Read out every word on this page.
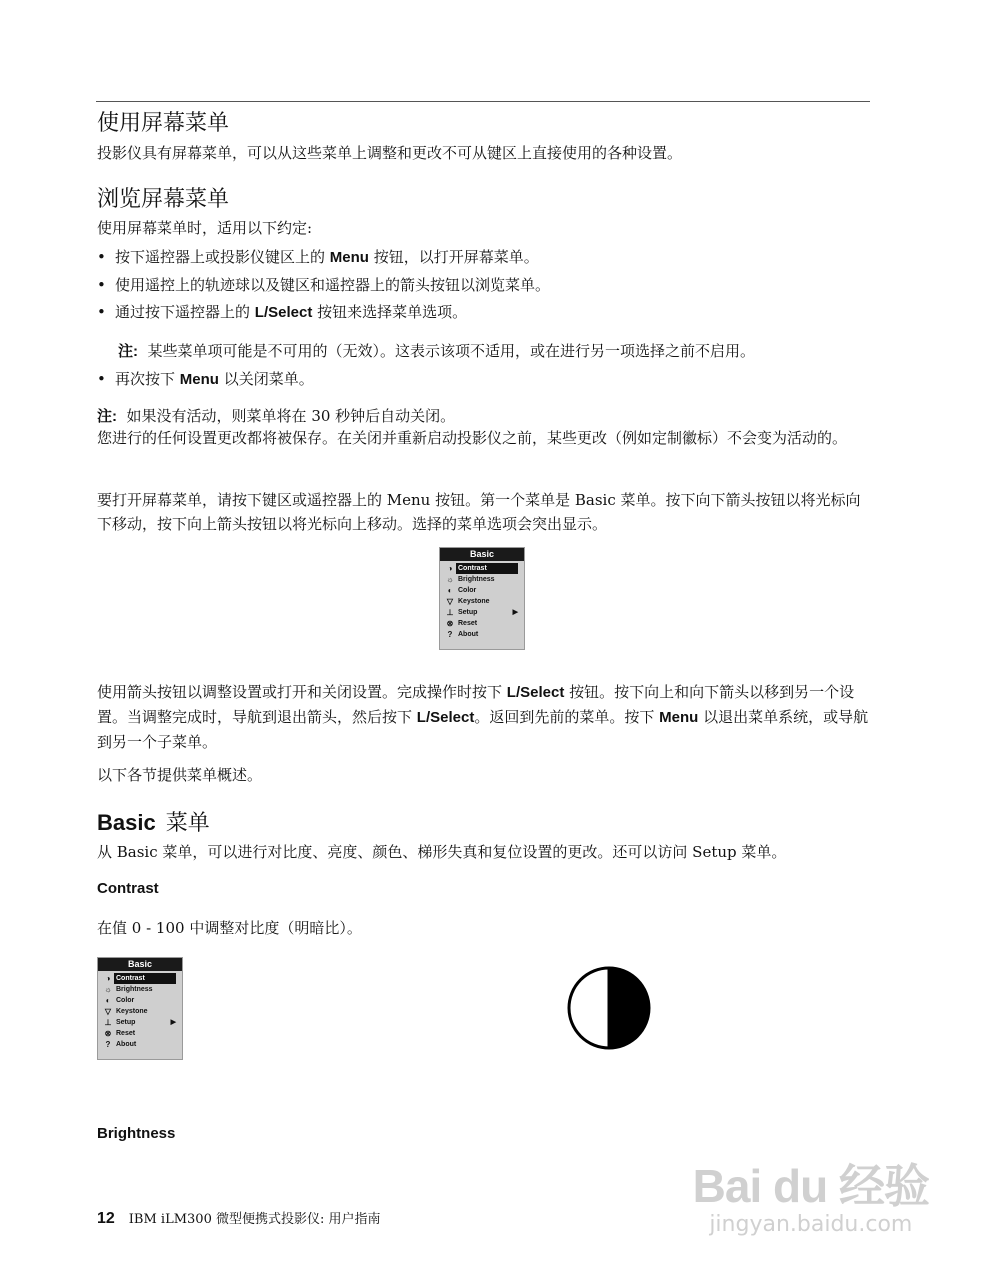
使用屏幕菜单
投影仪具有屏幕菜单，可以从这些菜单上调整和更改不可从键区上直接使用的各种设置。
浏览屏幕菜单
使用屏幕菜单时，适用以下约定:
• 按下遥控器上或投影仪键区上的 Menu 按钮，以打开屏幕菜单。
• 使用遥控上的轨迹球以及键区和遥控器上的箭头按钮以浏览菜单。
• 通过按下遥控器上的 L/Select 按钮来选择菜单选项。
注: 某些菜单项可能是不可用的（无效）。这表示该项不适用，或在进行另一项选择之前不启用。
• 再次按下 Menu 以关闭菜单。
注: 如果没有活动，则菜单将在 30 秒钟后自动关闭。
您进行的任何设置更改都将被保存。在关闭并重新启动投影仪之前，某些更改（例如定制徽标）不会变为活动的。
要打开屏幕菜单，请按下键区或遥控器上的 Menu 按钮。第一个菜单是 Basic 菜单。按下向下箭头按钮以将光标向下移动，按下向上箭头按钮以将光标向上移动。选择的菜单选项会突出显示。
Basic
◑ Contrast
☼ Brightness
◐ Color
▽ Keystone
⊥ Setup	▶
⊗ Reset
? About
使用箭头按钮以调整设置或打开和关闭设置。完成操作时按下 L/Select 按钮。按下向上和向下箭头以移到另一个设置。当调整完成时，导航到退出箭头，然后按下 L/Select。返回到先前的菜单。按下 Menu 以退出菜单系统，或导航到另一个子菜单。
以下各节提供菜单概述。
Basic 菜单
从 Basic 菜单，可以进行对比度、亮度、颜色、梯形失真和复位设置的更改。还可以访问 Setup 菜单。
Contrast
在值 0 - 100 中调整对比度（明暗比）。
Basic
◑ Contrast
☼ Brightness
◐ Color
▽ Keystone
⊥ Setup	▶
⊗ Reset
? About
Brightness
12 IBM iLM300 微型便携式投影仪: 用户指南
Bai du 经验
jingyan.baidu.com
